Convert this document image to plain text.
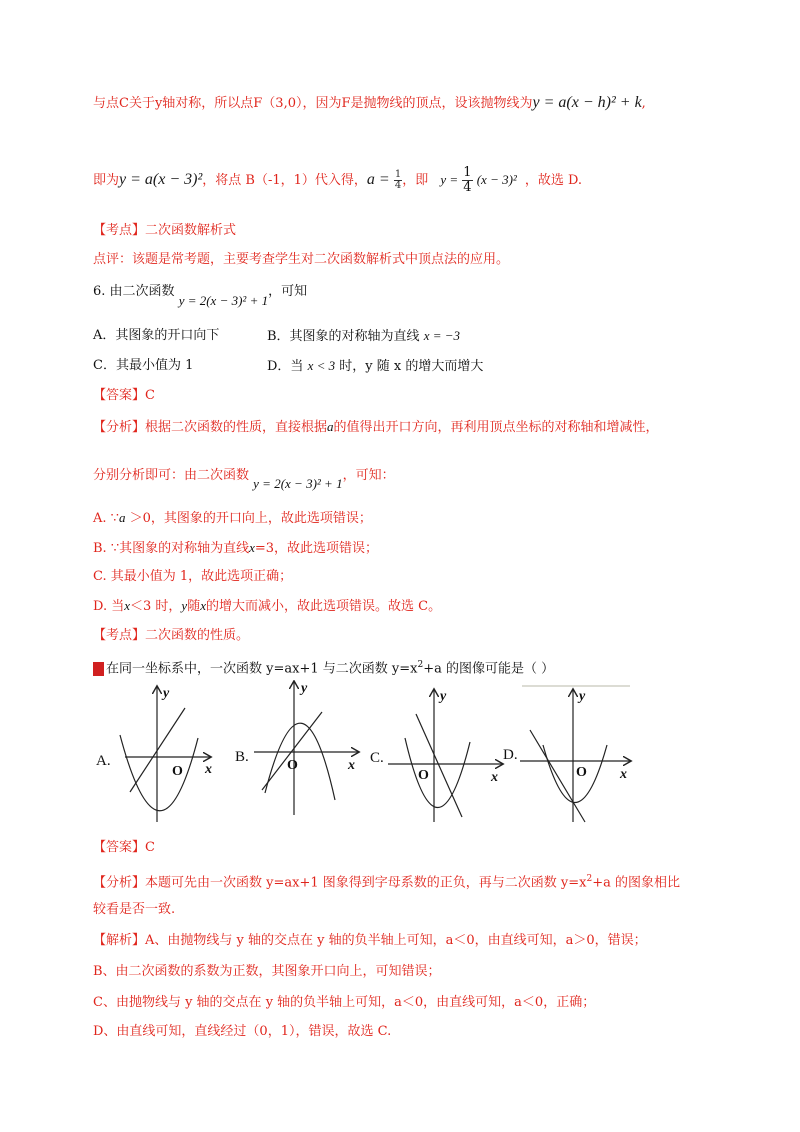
与点C关于y轴对称，所以点F（3,0），因为F是抛物线的顶点，设该抛物线为y = a(x − h)² + k,
即为y = a(x − 3)²，将点 B（-1，1）代入得，$a = \frac{1}{4}$ ，即 $y = \frac{1}{4} (x - 3)^2$ ，故选 D.
【考点】二次函数解析式
点评：该题是常考题，主要考查学生对二次函数解析式中顶点法的应用。
6. 由二次函数 y = 2(x − 3)² + 1，可知
A．其图象的开口向下	B．其图象的对称轴为直线 x = −3
C．其最小值为 1	D．当 x < 3 时，y 随 x 的增大而增大
【答案】C
【分析】根据二次函数的性质，直接根据a的值得出开口方向，再利用顶点坐标的对称轴和增减性，
分别分析即可：由二次函数 y = 2(x − 3)² + 1，可知：
A. ∵a ＞0，其图象的开口向上，故此选项错误；
B. ∵其图象的对称轴为直线x=3，故此选项错误；
C. 其最小值为 1，故此选项正确；
D. 当x＜3 时，y随x的增大而减小，故此选项错误。故选 C。
【考点】二次函数的性质。
在同一坐标系中，一次函数 y=ax+1 与二次函数 $y=x^2+a$ 的图像可能是（ ）
A.	B.	C.	D.
y
x
y
x
y
x
y
x
O	O
O	O
【答案】C
【分析】本题可先由一次函数 y=ax+1 图象得到字母系数的正负，再与二次函数 $y=x^2+a$ 的图象相比
较看是否一致.
【解析】A、由抛物线与 y 轴的交点在 y 轴的负半轴上可知，a＜0，由直线可知，a＞0，错误；
B、由二次函数的系数为正数，其图象开口向上，可知错误；
C、由抛物线与 y 轴的交点在 y 轴的负半轴上可知，a＜0，由直线可知，a＜0，正确；
D、由直线可知，直线经过（0，1），错误，故选 C.
